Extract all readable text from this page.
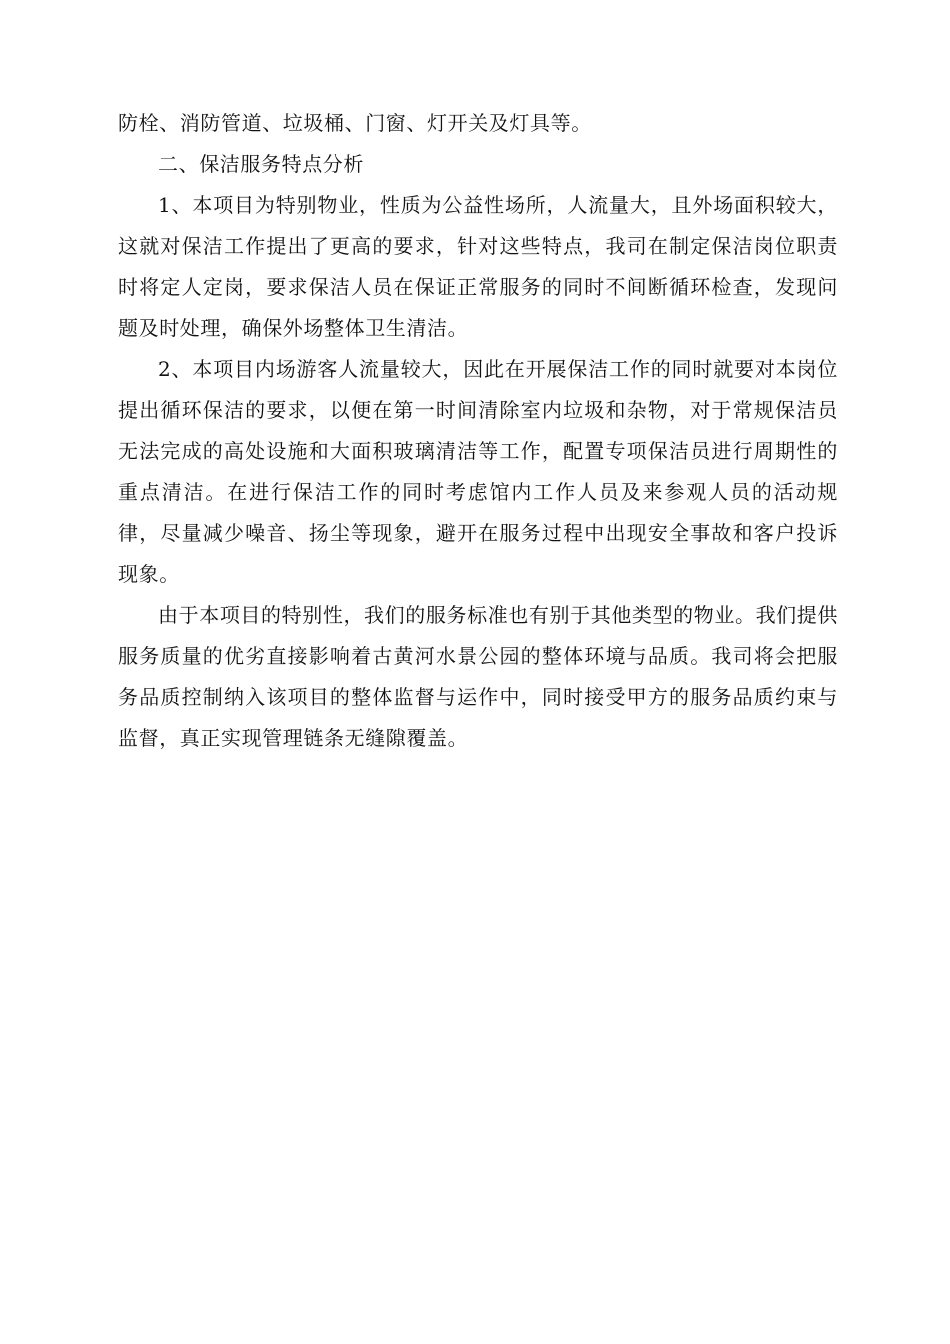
防栓、消防管道、垃圾桶、门窗、灯开关及灯具等。

二、保洁服务特点分析

1、本项目为特别物业，性质为公益性场所，人流量大，且外场面积较大，这就对保洁工作提出了更高的要求，针对这些特点，我司在制定保洁岗位职责时将定人定岗，要求保洁人员在保证正常服务的同时不间断循环检查，发现问题及时处理，确保外场整体卫生清洁。

2、本项目内场游客人流量较大，因此在开展保洁工作的同时就要对本岗位提出循环保洁的要求，以便在第一时间清除室内垃圾和杂物，对于常规保洁员无法完成的高处设施和大面积玻璃清洁等工作，配置专项保洁员进行周期性的重点清洁。在进行保洁工作的同时考虑馆内工作人员及来参观人员的活动规律，尽量减少噪音、扬尘等现象，避开在服务过程中出现安全事故和客户投诉现象。

由于本项目的特别性，我们的服务标准也有别于其他类型的物业。我们提供服务质量的优劣直接影响着古黄河水景公园的整体环境与品质。我司将会把服务品质控制纳入该项目的整体监督与运作中，同时接受甲方的服务品质约束与监督，真正实现管理链条无缝隙覆盖。
